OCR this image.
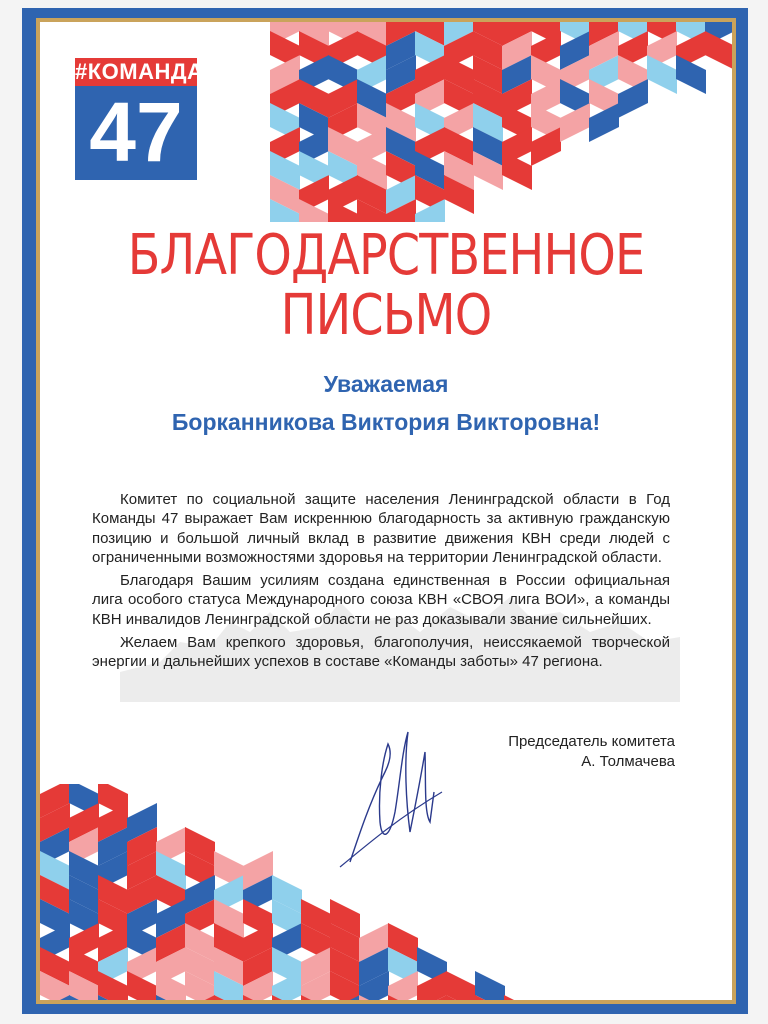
#КОМАНДА
47
БЛАГОДАРСТВЕННОЕ
ПИСЬМО
Уважаемая
Борканникова Виктория Викторовна!

Комитет по социальной защите населения Ленинградской области в Год Команды 47 выражает Вам искреннюю благодарность за активную гражданскую позицию и большой личный вклад в развитие движения КВН среди людей с ограниченными возможностями здоровья на территории Ленинградской области.

Благодаря Вашим усилиям создана единственная в России официальная лига особого статуса Международного союза КВН «СВОЯ лига ВОИ», а команды КВН инвалидов Ленинградской области не раз доказывали звание сильнейших.

Желаем Вам крепкого здоровья, благополучия, неиссякаемой творческой энергии и дальнейших успехов в составе «Команды заботы» 47 региона.

Председатель комитета
А. Толмачева
